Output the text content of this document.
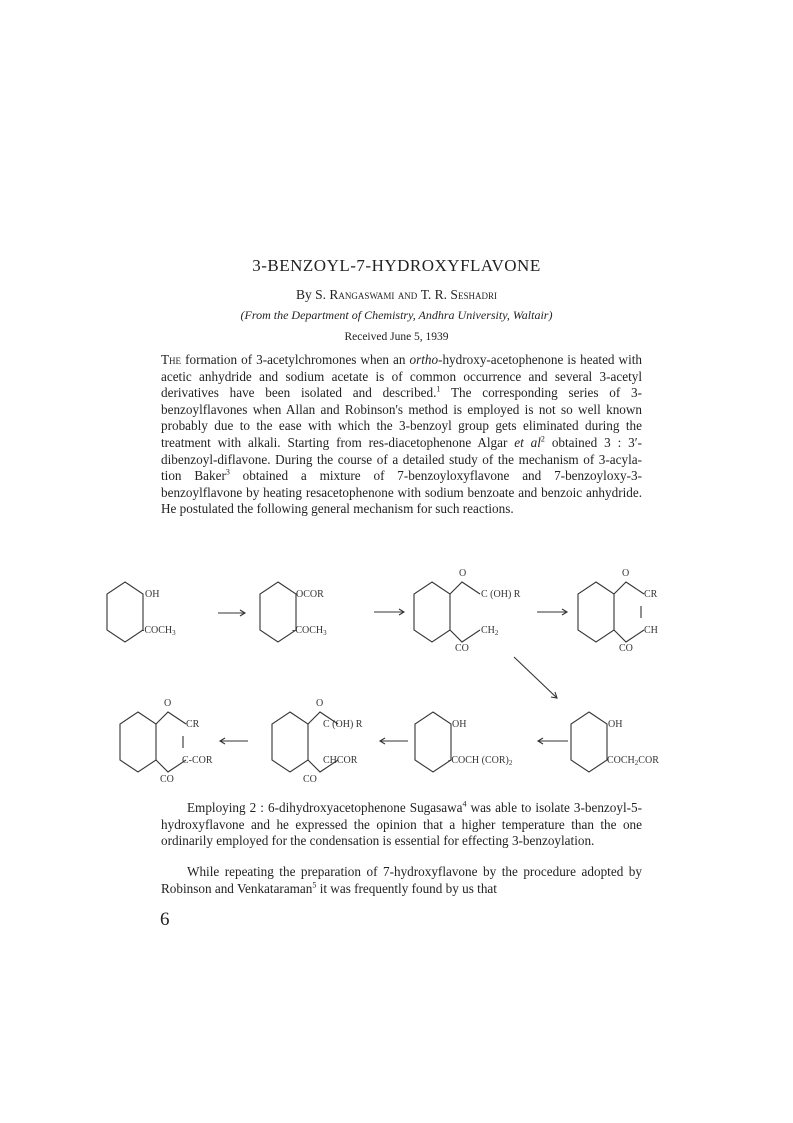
3-BENZOYL-7-HYDROXYFLAVONE
By S. Rangaswami and T. R. Seshadri
(From the Department of Chemistry, Andhra University, Waltair)
Received June 5, 1939
The formation of 3-acetylchromones when an ortho-hydroxy-acetophenone is heated with acetic anhydride and sodium acetate is of common occurrence and several 3-acetyl derivatives have been isolated and described.$^1$ The corresponding series of 3-benzoylflavones when Allan and Robinson's method is employed is not so well known probably due to the ease with which the 3-benzoyl group gets eliminated during the treatment with alkali. Starting from res-diacetophenone Algar et $al^2$ obtained 3 : 3′-dibenzoyl-diflavone. During the course of a detailed study of the mechanism of 3-acyla-tion Baker$^3$ obtained a mixture of 7-benzoyloxyflavone and 7-benzoyloxy-3-benzoylflavone by heating resacetophenone with sodium benzoate and benzoic anhydride. He postulated the following general mechanism for such reactions.
OH
$-COCH_3$
OCOR
$-COCH_3$
O
C (OH) R
$CH_2$
CO
O
CR
CH
CO
O
CR
C-COR
CO
O
C (OH) R
CHCOR
CO
OH
-COCH $(COR)_2$
OH
$COCH_2COR$
Employing 2 : 6-dihydroxyacetophenone Sugasawa$^4$ was able to isolate 3-benzoyl-5-hydroxyflavone and he expressed the opinion that a higher temperature than the one ordinarily employed for the condensation is essential for effecting 3-benzoylation.
While repeating the preparation of 7-hydroxyflavone by the procedure adopted by Robinson and Venkataraman$^5$ it was frequently found by us that
6
